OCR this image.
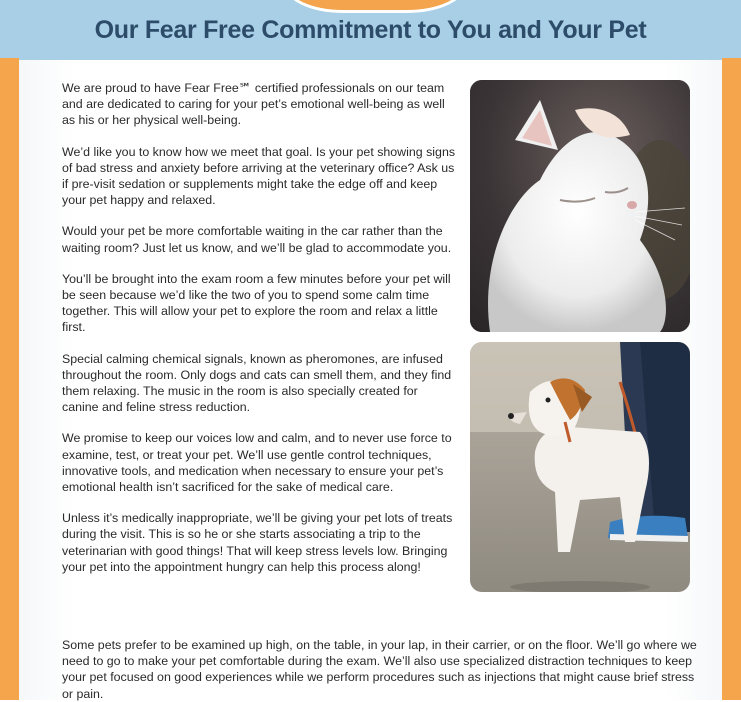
Our Fear Free Commitment to You and Your Pet

We are proud to have Fear Free℠ certified professionals on our team and are dedicated to caring for your pet’s emotional well-being as well as his or her physical well-being.

We’d like you to know how we meet that goal. Is your pet showing signs of bad stress and anxiety before arriving at the veterinary office? Ask us if pre-visit sedation or supplements might take the edge off and keep your pet happy and relaxed.

Would your pet be more comfortable waiting in the car rather than the waiting room? Just let us know, and we’ll be glad to accommodate you.

You’ll be brought into the exam room a few minutes before your pet will be seen because we’d like the two of you to spend some calm time together. This will allow your pet to explore the room and relax a little first.

Special calming chemical signals, known as pheromones, are infused throughout the room. Only dogs and cats can smell them, and they find them relaxing. The music in the room is also specially created for canine and feline stress reduction.

We promise to keep our voices low and calm, and to never use force to examine, test, or treat your pet. We’ll use gentle control techniques, innovative tools, and medication when necessary to ensure your pet’s emotional health isn’t sacrificed for the sake of medical care.

Unless it’s medically inappropriate, we’ll be giving your pet lots of treats during the visit. This is so he or she starts associating a trip to the veterinarian with good things! That will keep stress levels low. Bringing your pet into the appointment hungry can help this process along!

Some pets prefer to be examined up high, on the table, in your lap, in their carrier, or on the floor. We’ll go where we need to go to make your pet comfortable during the exam. We’ll also use specialized distraction techniques to keep your pet focused on good experiences while we perform procedures such as injections that might cause brief stress or pain.
